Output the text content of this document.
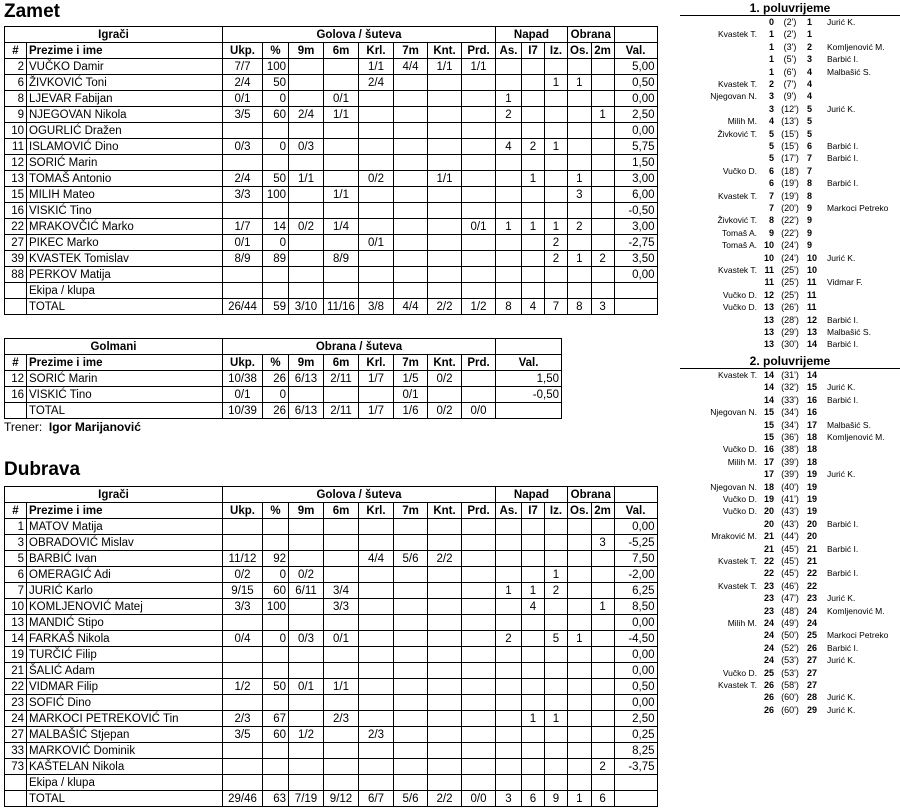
Zamet
Igrači		Golova / šuteva								Napad			Obrana		
#	Prezime i ime	Ukp.	%	9m	6m	Krl.	7m	Knt.	Prd.	As.	I7	Iz.	Os.	2m	Val.
2	VUČKO Damir	7/7	100			1/1	4/4	1/1	1/1						5,00
6	ŽIVKOVIĆ Toni	2/4	50			2/4						1	1		0,50
8	LJEVAR Fabijan	0/1	0		0/1					1					0,00
9	NJEGOVAN Nikola	3/5	60	2/4	1/1					2				1	2,50
10	OGURLIĆ Dražen														0,00
11	ISLAMOVIĆ Dino	0/3	0	0/3						4	2	1			5,75
12	SORIĆ Marin														1,50
13	TOMAŠ Antonio	2/4	50	1/1		0/2		1/1			1		1		3,00
15	MILIH Mateo	3/3	100		1/1								3		6,00
16	VISKIĆ Tino														-0,50
22	MRAKOVČIĆ Marko	1/7	14	0/2	1/4				0/1	1	1	1	2		3,00
27	PIKEC Marko	0/1	0			0/1						2			-2,75
39	KVASTEK Tomislav	8/9	89		8/9							2	1	2	3,50
88	PERKOV Matija														0,00
	Ekipa / klupa														
	TOTAL	26/44	59	3/10	11/16	3/8	4/4	2/2	1/2	8	4	7	8	3	
Golmani		Obrana / šuteva								
#	Prezime i ime	Ukp.	%	9m	6m	Krl.	7m	Knt.	Prd.	Val.
12	SORIĆ Marin	10/38	26	6/13	2/11	1/7	1/5	0/2		1,50
16	VISKIĆ Tino	0/1	0				0/1			-0,50
	TOTAL	10/39	26	6/13	2/11	1/7	1/6	0/2	0/0	
Trener: Igor Marijanović
Dubrava
Igrači		Golova / šuteva								Napad			Obrana		
#	Prezime i ime	Ukp.	%	9m	6m	Krl.	7m	Knt.	Prd.	As.	I7	Iz.	Os.	2m	Val.
1	MATOV Matija														0,00
3	OBRADOVIĆ Mislav													3	-5,25
5	BARBIĆ Ivan	11/12	92			4/4	5/6	2/2							7,50
6	OMERAGIĆ Adi	0/2	0	0/2								1			-2,00
7	JURIĆ Karlo	9/15	60	6/11	3/4					1	1	2			6,25
10	KOMLJENOVIĆ Matej	3/3	100		3/3						4			1	8,50
13	MANDIĆ Stipo														0,00
14	FARKAŠ Nikola	0/4	0	0/3	0/1					2		5	1		-4,50
19	TURČIĆ Filip														0,00
21	ŠALIĆ Adam														0,00
22	VIDMAR Filip	1/2	50	0/1	1/1										0,50
23	SOFIĆ Dino														0,00
24	MARKOCI PETREKOVIĆ Tin	2/3	67		2/3						1	1			2,50
27	MALBAŠIĆ Stjepan	3/5	60	1/2		2/3									0,25
33	MARKOVIĆ Dominik														8,25
73	KAŠTELAN Nikola													2	-3,75
	Ekipa / klupa														
	TOTAL	29/46	63	7/19	9/12	6/7	5/6	2/2	0/0	3	6	9	1	6	
1. poluvrijeme
0	(2')	1	Jurić K.
Kvastek T.	1	(2')	1
1	(3')	2	Komljenović M.
1	(5')	3	Barbić I.
1	(6')	4	Malbašić S.
Kvastek T.	2	(7')	4
Njegovan N.	3	(9')	4
3 (12') 5	Jurić K.
Milih M.	4 (13') 5
Živković T.	5 (15') 5
5 (15') 6	Barbić I.
5 (17') 7	Barbić I.
Vučko D.	6 (18') 7
6 (19') 8	Barbić I.
Kvastek T.	7 (19') 8
7 (20') 9	Markoci Petreko
Živković T.	8 (22') 9
Tomaš A.	9 (22') 9
Tomaš A. 10 (24') 9
10 (24') 10	Jurić K.
Kvastek T. 11 (25') 10
11 (25') 11	Vidmar F.
Vučko D. 12 (25') 11
Vučko D. 13 (26') 11
13 (28') 12	Barbić I.
13 (29') 13	Malbašić S.
13 (30') 14	Barbić I.
2. poluvrijeme
Kvastek T. 14 (31') 14
14 (32') 15	Jurić K.
14 (33') 16	Barbić I.
Njegovan N. 15 (34') 16
15 (34') 17	Malbašić S.
15 (36') 18	Komljenović M.
Vučko D. 16 (38') 18
Milih M. 17 (39') 18
17 (39') 19	Jurić K.
Njegovan N. 18 (40') 19
Vučko D. 19 (41') 19
Vučko D. 20 (43') 19
20 (43') 20	Barbić I.
Mraković M. 21 (44') 20
21 (45') 21	Barbić I.
Kvastek T. 22 (45') 21
22 (45') 22	Barbić I.
Kvastek T. 23 (46') 22
23 (47') 23	Jurić K.
23 (48') 24	Komljenović M.
Milih M. 24 (49') 24
24 (50') 25	Markoci Petreko
24 (52') 26	Barbić I.
24 (53') 27	Jurić K.
Vučko D. 25 (53') 27
Kvastek T. 26 (58') 27
26 (60') 28	Jurić K.
26 (60') 29	Jurić K.
